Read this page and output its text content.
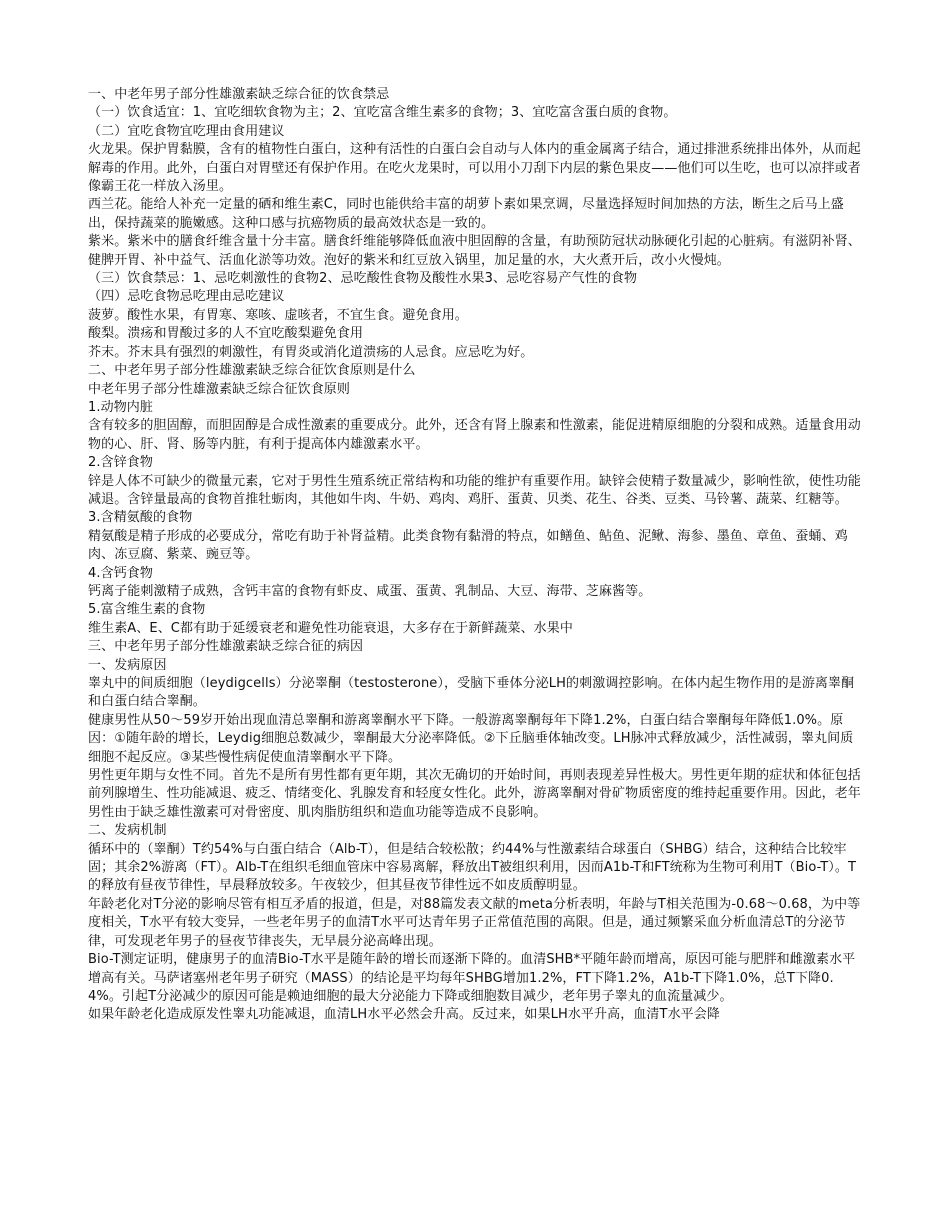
一、中老年男子部分性雄激素缺乏综合征的饮食禁忌

（一）饮食适宜：1、宜吃细软食物为主；2、宜吃富含维生素多的食物；3、宜吃富含蛋白质的食物。

（二）宜吃食物宜吃理由食用建议

火龙果。保护胃黏膜，含有的植物性白蛋白，这种有活性的白蛋白会自动与人体内的重金属离子结合，通过排泄系统排出体外，从而起解毒的作用。此外，白蛋白对胃壁还有保护作用。在吃火龙果时，可以用小刀刮下内层的紫色果皮——他们可以生吃，也可以凉拌或者像霸王花一样放入汤里。

西兰花。能给人补充一定量的硒和维生素C，同时也能供给丰富的胡萝卜素如果烹调，尽量选择短时间加热的方法，断生之后马上盛出，保持蔬菜的脆嫩感。这种口感与抗癌物质的最高效状态是一致的。

紫米。紫米中的膳食纤维含量十分丰富。膳食纤维能够降低血液中胆固醇的含量，有助预防冠状动脉硬化引起的心脏病。有滋阴补肾、健脾开胃、补中益气、活血化淤等功效。泡好的紫米和红豆放入锅里，加足量的水，大火煮开后，改小火慢炖。

（三）饮食禁忌：1、忌吃刺激性的食物2、忌吃酸性食物及酸性水果3、忌吃容易产气性的食物

（四）忌吃食物忌吃理由忌吃建议

菠萝。酸性水果，有胃寒、寒咳、虚咳者，不宜生食。避免食用。

酸梨。溃疡和胃酸过多的人不宜吃酸梨避免食用

芥末。芥末具有强烈的刺激性，有胃炎或消化道溃疡的人忌食。应忌吃为好。

二、中老年男子部分性雄激素缺乏综合征饮食原则是什么

中老年男子部分性雄激素缺乏综合征饮食原则

1.动物内脏

含有较多的胆固醇，而胆固醇是合成性激素的重要成分。此外，还含有肾上腺素和性激素，能促进精原细胞的分裂和成熟。适量食用动物的心、肝、肾、肠等内脏，有利于提高体内雄激素水平。

2.含锌食物

锌是人体不可缺少的微量元素，它对于男性生殖系统正常结构和功能的维护有重要作用。缺锌会使精子数量减少，影响性欲，使性功能减退。含锌量最高的食物首推牡蛎肉，其他如牛肉、牛奶、鸡肉、鸡肝、蛋黄、贝类、花生、谷类、豆类、马铃薯、蔬菜、红糖等。

3.含精氨酸的食物

精氨酸是精子形成的必要成分，常吃有助于补肾益精。此类食物有黏滑的特点，如鳝鱼、鲇鱼、泥鳅、海参、墨鱼、章鱼、蚕蛹、鸡肉、冻豆腐、紫菜、豌豆等。

4.含钙食物

钙离子能刺激精子成熟，含钙丰富的食物有虾皮、咸蛋、蛋黄、乳制品、大豆、海带、芝麻酱等。

5.富含维生素的食物

维生素A、E、C都有助于延缓衰老和避免性功能衰退，大多存在于新鲜蔬菜、水果中

三、中老年男子部分性雄激素缺乏综合征的病因

一、发病原因

睾丸中的间质细胞（leydigcells）分泌睾酮（testosterone），受脑下垂体分泌LH的刺激调控影响。在体内起生物作用的是游离睾酮和白蛋白结合睾酮。

健康男性从50～59岁开始出现血清总睾酮和游离睾酮水平下降。一般游离睾酮每年下降1.2%，白蛋白结合睾酮每年降低1.0%。原因：①随年龄的增长，Leydig细胞总数减少，睾酮最大分泌率降低。②下丘脑垂体轴改变。LH脉冲式释放减少，活性减弱，睾丸间质细胞不起反应。③某些慢性病促使血清睾酮水平下降。

男性更年期与女性不同。首先不是所有男性都有更年期，其次无确切的开始时间，再则表现差异性极大。男性更年期的症状和体征包括前列腺增生、性功能减退、疲乏、情绪变化、乳腺发育和轻度女性化。此外，游离睾酮对骨矿物质密度的维持起重要作用。因此，老年男性由于缺乏雄性激素可对骨密度、肌肉脂肪组织和造血功能等造成不良影响。

二、发病机制

循环中的（睾酮）T约54%与白蛋白结合（Alb-T），但是结合较松散；约44%与性激素结合球蛋白（SHBG）结合，这种结合比较牢固；其余2%游离（FT）。Alb-T在组织毛细血管床中容易离解，释放出T被组织利用，因而A1b-T和FT统称为生物可利用T（Bio-T）。T的释放有昼夜节律性，早晨释放较多。午夜较少，但其昼夜节律性远不如皮质醇明显。

年龄老化对T分泌的影响尽管有相互矛盾的报道，但是，对88篇发表文献的meta分析表明，年龄与T相关范围为-0.68～0.68，为中等度相关，T水平有较大变异，一些老年男子的血清T水平可达青年男子正常值范围的高限。但是，通过频繁采血分析血清总T的分泌节律，可发现老年男子的昼夜节律丧失，无早晨分泌高峰出现。

Bio-T测定证明，健康男子的血清Bio-T水平是随年龄的增长而逐渐下降的。血清SHB*平随年龄而增高，原因可能与肥胖和雌激素水平增高有关。马萨诸塞州老年男子研究（MASS）的结论是平均每年SHBG增加1.2%，FT下降1.2%，A1b-T下降1.0%，总T下降0.4%。引起T分泌减少的原因可能是赖迪细胞的最大分泌能力下降或细胞数目减少，老年男子睾丸的血流量减少。

如果年龄老化造成原发性睾丸功能减退，血清LH水平必然会升高。反过来，如果LH水平升高，血清T水平会降
